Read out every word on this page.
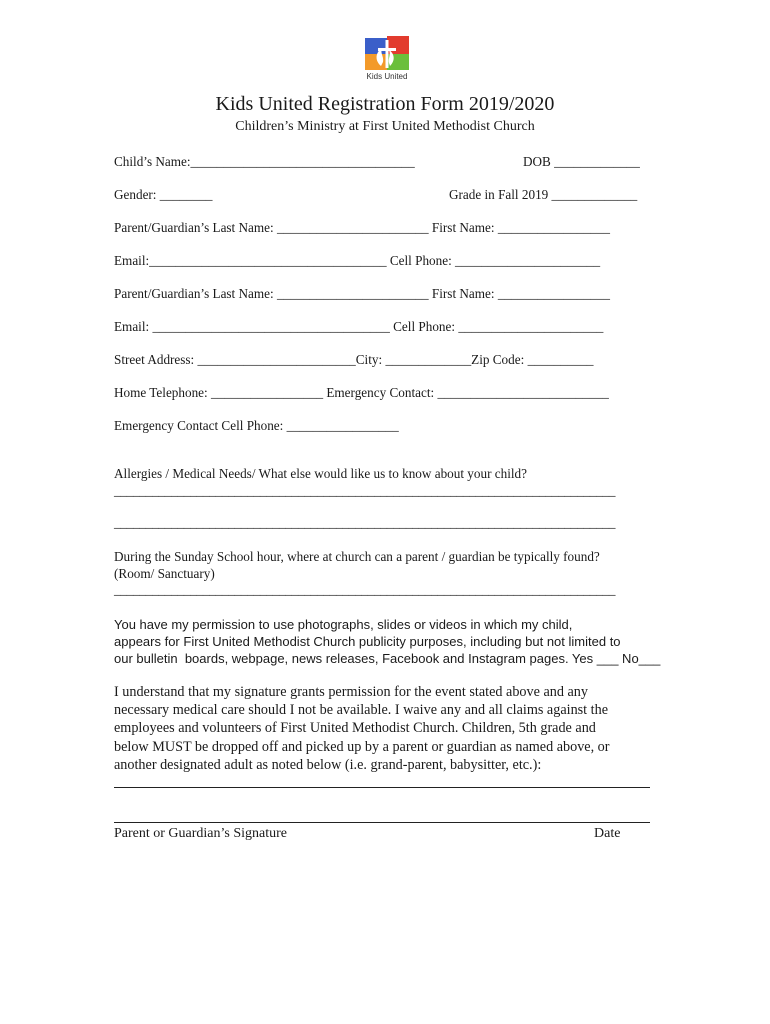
Kids United
Kids United Registration Form 2019/2020
Children’s Ministry at First United Methodist Church
Child’s Name:__________________________________	DOB _____________
Gender: ________	Grade in Fall 2019 _____________
Parent/Guardian’s Last Name: _______________________ First Name: _________________
Email:____________________________________ Cell Phone: ______________________
Parent/Guardian’s Last Name: _______________________ First Name: _________________
Email: ____________________________________ Cell Phone: ______________________
Street Address: ________________________City: _____________Zip Code: __________
Home Telephone: _________________ Emergency Contact: __________________________
Emergency Contact Cell Phone: _________________
Allergies / Medical Needs/ What else would like us to know about your child?
_______________________________________________________________________________
_______________________________________________________________________________
During the Sunday School hour, where at church can a parent / guardian be typically found?
(Room/ Sanctuary)
_______________________________________________________________________________
You have my permission to use photographs, slides or videos in which my child,
appears for First United Methodist Church publicity purposes, including but not limited to
our bulletin  boards, webpage, news releases, Facebook and Instagram pages. Yes ___ No___
I understand that my signature grants permission for the event stated above and any
necessary medical care should I not be available. I waive any and all claims against the
employees and volunteers of First United Methodist Church. Children, 5th grade and
below MUST be dropped off and picked up by a parent or guardian as named above, or
another designated adult as noted below (i.e. grand-parent, babysitter, etc.):
Parent or Guardian’s Signature	Date
